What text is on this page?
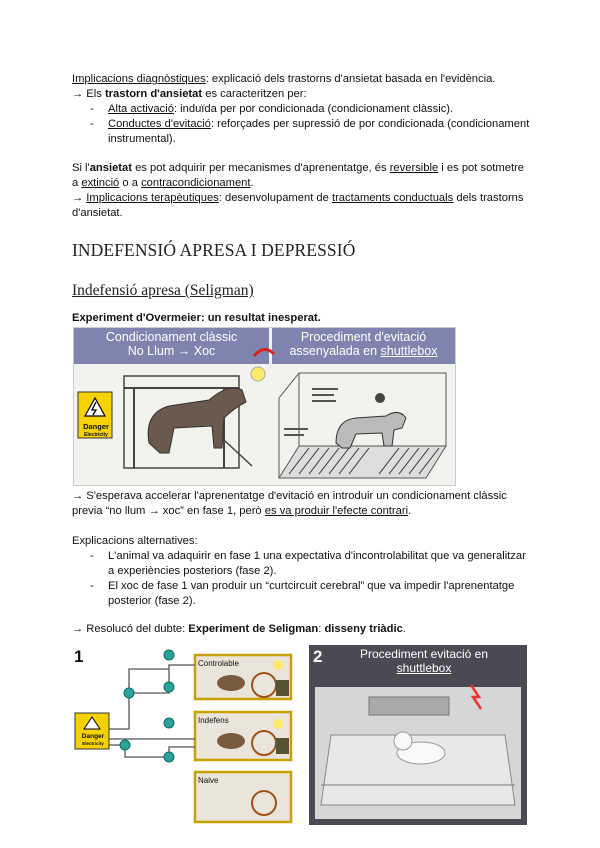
Implicacions diagnòstiques: explicació dels trastorns d'ansietat basada en l'evidència.
→ Els trastorn d'ansietat es caracteritzen per:
- Alta activació: induïda per por condicionada (condicionament clàssic).
- Conductes d'evitació: reforçades per supressió de por condicionada (condicionament instrumental).
Si l'ansietat es pot adquirir per mecanismes d'aprenentatge, és reversible i es pot sotmetre a extinció o a contracondicionament.
→ Implicacions terapèutiques: desenvolupament de tractaments conductuals dels trastorns d'ansietat.
INDEFENSIÓ APRESA I DEPRESSIÓ
Indefensió apresa (Seligman)
Experiment d'Overmeier: un resultat inesperat.
Condicionament clàssic
No Llum → Xoc
Procediment d'evitació
assenyalada en shuttlebox
Danger
Electricity
→ S'esperava accelerar l'aprenentatge d'evitació en introduir un condicionament clàssic
previa “no llum → xoc” en fase 1, però es va produir l'efecte contrari.
Explicacions alternatives:
- L'animal va adaquirir en fase 1 una expectativa d'incontrolabilitat que va generalitzar a experiències posteriors (fase 2).
- El xoc de fase 1 van produir un “curtcircuit cerebral” que va impedir l'aprenentatge posterior (fase 2).
→ Resolucó del dubte: Experiment de Seligman: disseny triàdic.
1	2
Controlable
Indefens
Naive
Danger
Electricity
Procediment evitació en
shuttlebox
